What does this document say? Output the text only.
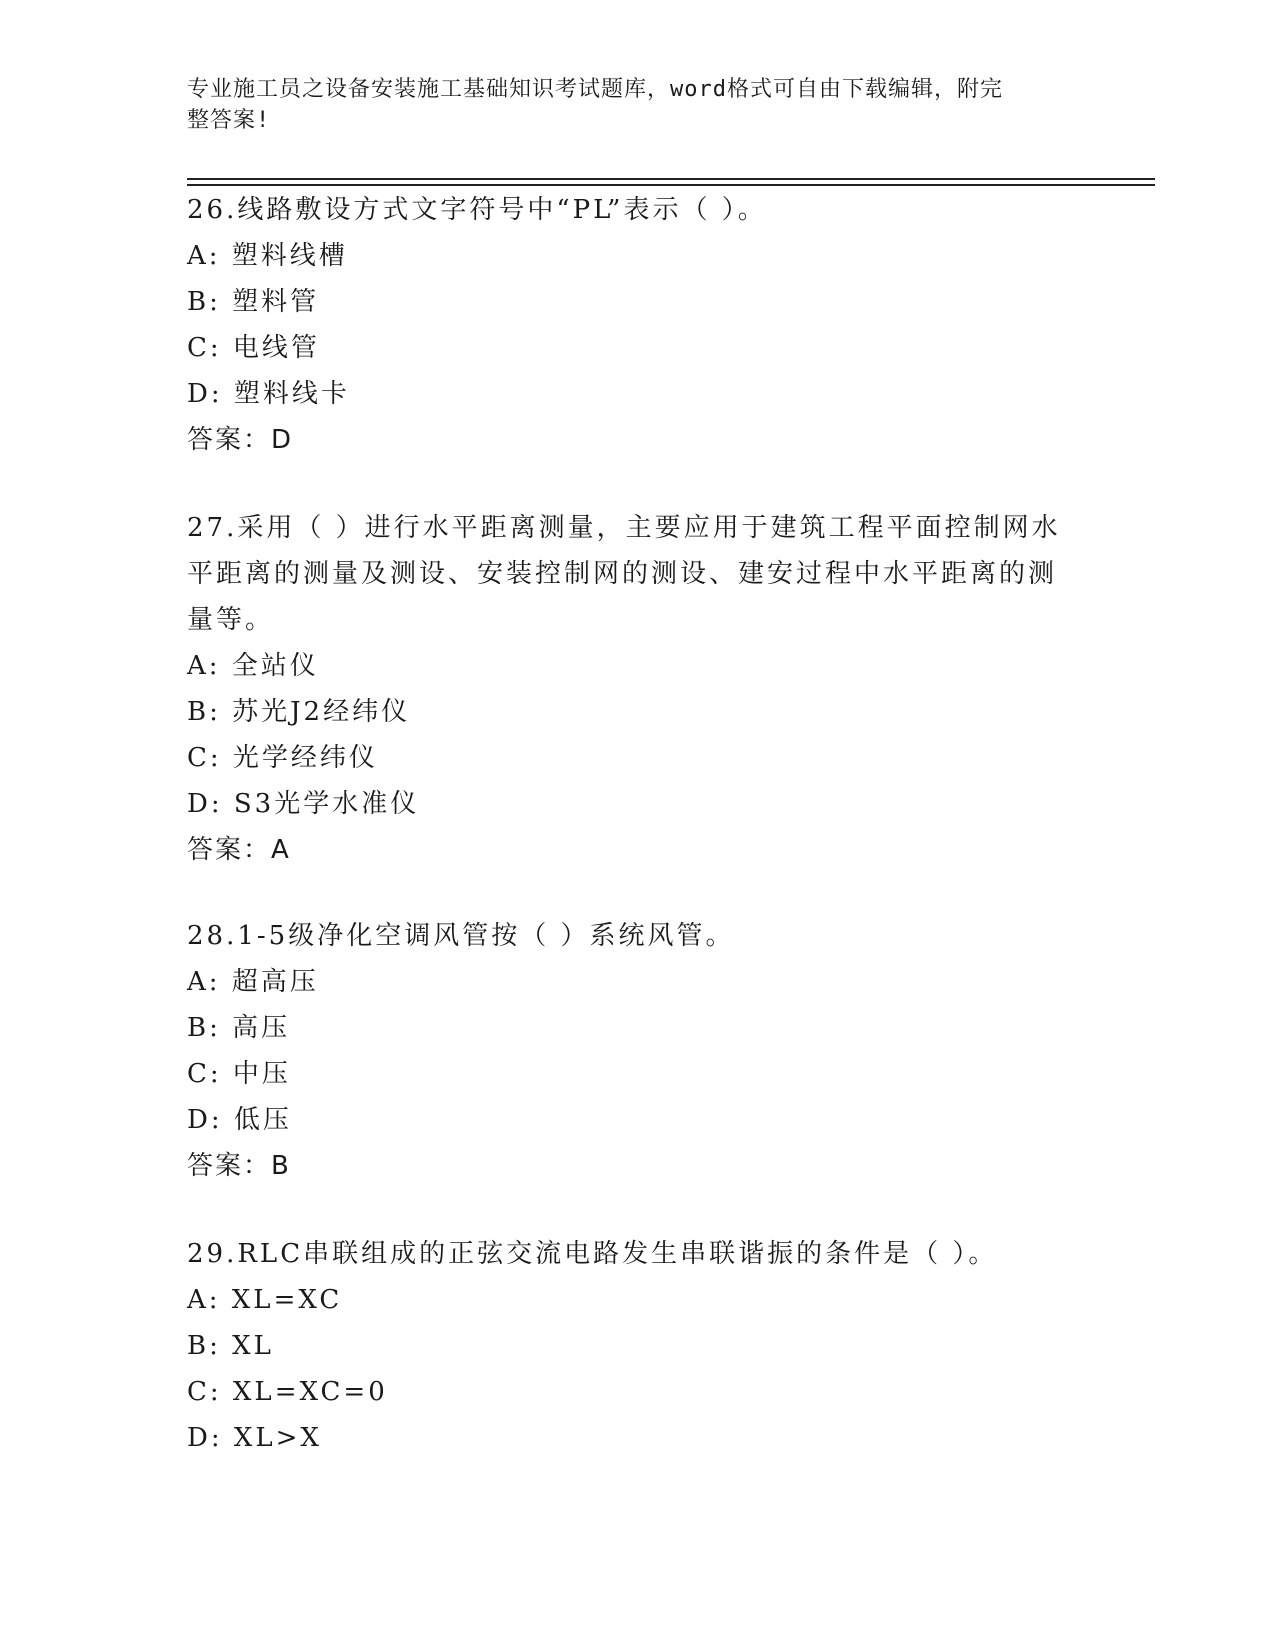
专业施工员之设备安装施工基础知识考试题库，word格式可自由下载编辑，附完
整答案!
26.线路敷设方式文字符号中“PL”表示（ ）。
A: 塑料线槽
B: 塑料管
C: 电线管
D: 塑料线卡
答案：D
27.采用（ ）进行水平距离测量，主要应用于建筑工程平面控制网水
平距离的测量及测设、安装控制网的测设、建安过程中水平距离的测
量等。
A: 全站仪
B: 苏光J2经纬仪
C: 光学经纬仪
D: S3光学水准仪
答案：A
28.1-5级净化空调风管按（ ）系统风管。
A: 超高压
B: 高压
C: 中压
D: 低压
答案：B
29.RLC串联组成的正弦交流电路发生串联谐振的条件是（ ）。
A: XL=XC
B: XL
C: XL=XC=0
D: XL>X
